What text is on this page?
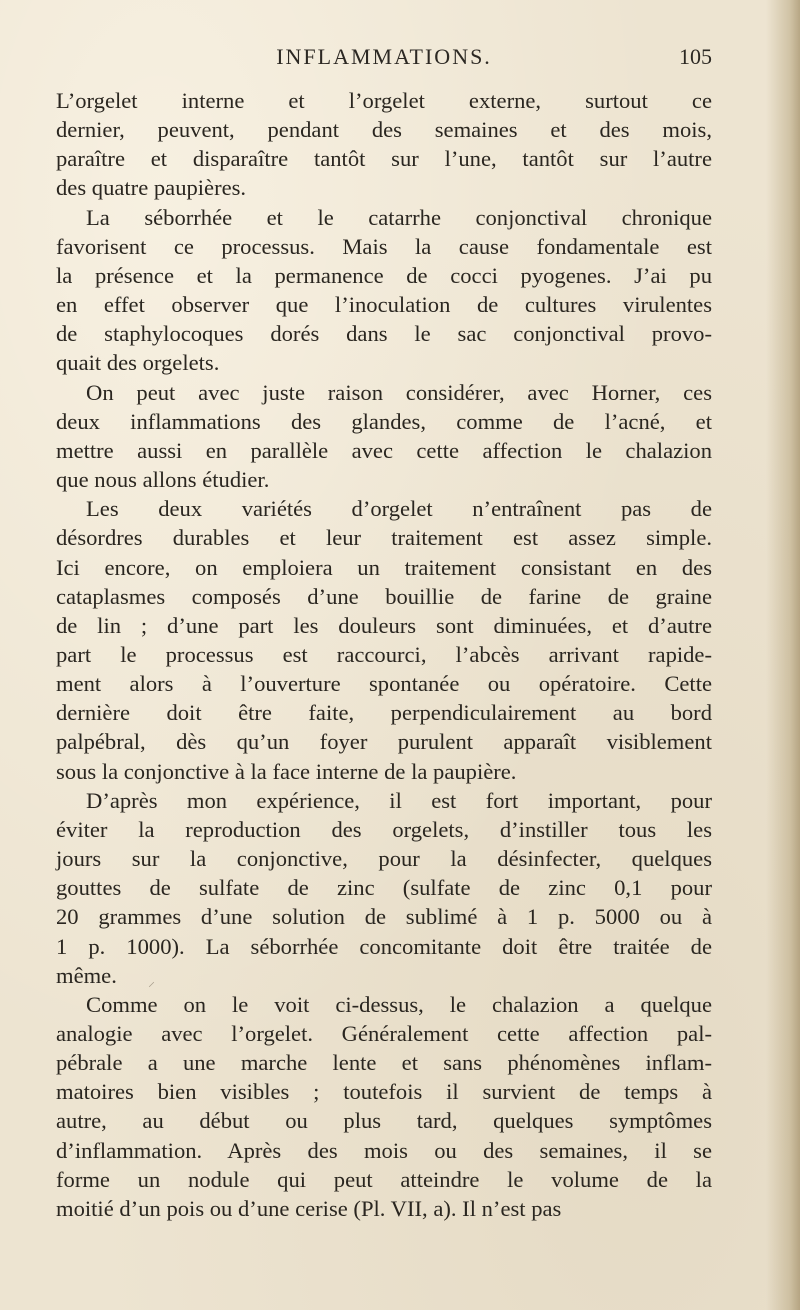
INFLAMMATIONS.	105
L’orgelet interne et l’orgelet externe, surtout ce
dernier, peuvent, pendant des semaines et des mois,
paraître et disparaître tantôt sur l’une, tantôt sur l’autre
des quatre paupières.
La séborrhée et le catarrhe conjonctival chronique
favorisent ce processus. Mais la cause fondamentale est
la présence et la permanence de cocci pyogenes. J’ai pu
en effet observer que l’inoculation de cultures virulentes
de staphylocoques dorés dans le sac conjonctival provo-
quait des orgelets.
On peut avec juste raison considérer, avec Horner, ces
deux inflammations des glandes, comme de l’acné, et
mettre aussi en parallèle avec cette affection le chalazion
que nous allons étudier.
Les deux variétés d’orgelet n’entraînent pas de
désordres durables et leur traitement est assez simple.
Ici encore, on emploiera un traitement consistant en des
cataplasmes composés d’une bouillie de farine de graine
de lin ; d’une part les douleurs sont diminuées, et d’autre
part le processus est raccourci, l’abcès arrivant rapide-
ment alors à l’ouverture spontanée ou opératoire. Cette
dernière doit être faite, perpendiculairement au bord
palpébral, dès qu’un foyer purulent apparaît visiblement
sous la conjonctive à la face interne de la paupière.
D’après mon expérience, il est fort important, pour
éviter la reproduction des orgelets, d’instiller tous les
jours sur la conjonctive, pour la désinfecter, quelques
gouttes de sulfate de zinc (sulfate de zinc 0,1 pour
20 grammes d’une solution de sublimé à 1 p. 5000 ou à
1 p. 1000). La séborrhée concomitante doit être traitée de
même.
Comme on le voit ci-dessus, le chalazion a quelque
analogie avec l’orgelet. Généralement cette affection pal-
pébrale a une marche lente et sans phénomènes inflam-
matoires bien visibles ; toutefois il survient de temps à
autre, au début ou plus tard, quelques symptômes
d’inflammation. Après des mois ou des semaines, il se
forme un nodule qui peut atteindre le volume de la
moitié d’un pois ou d’une cerise (Pl. VII, a). Il n’est pas
⸝
